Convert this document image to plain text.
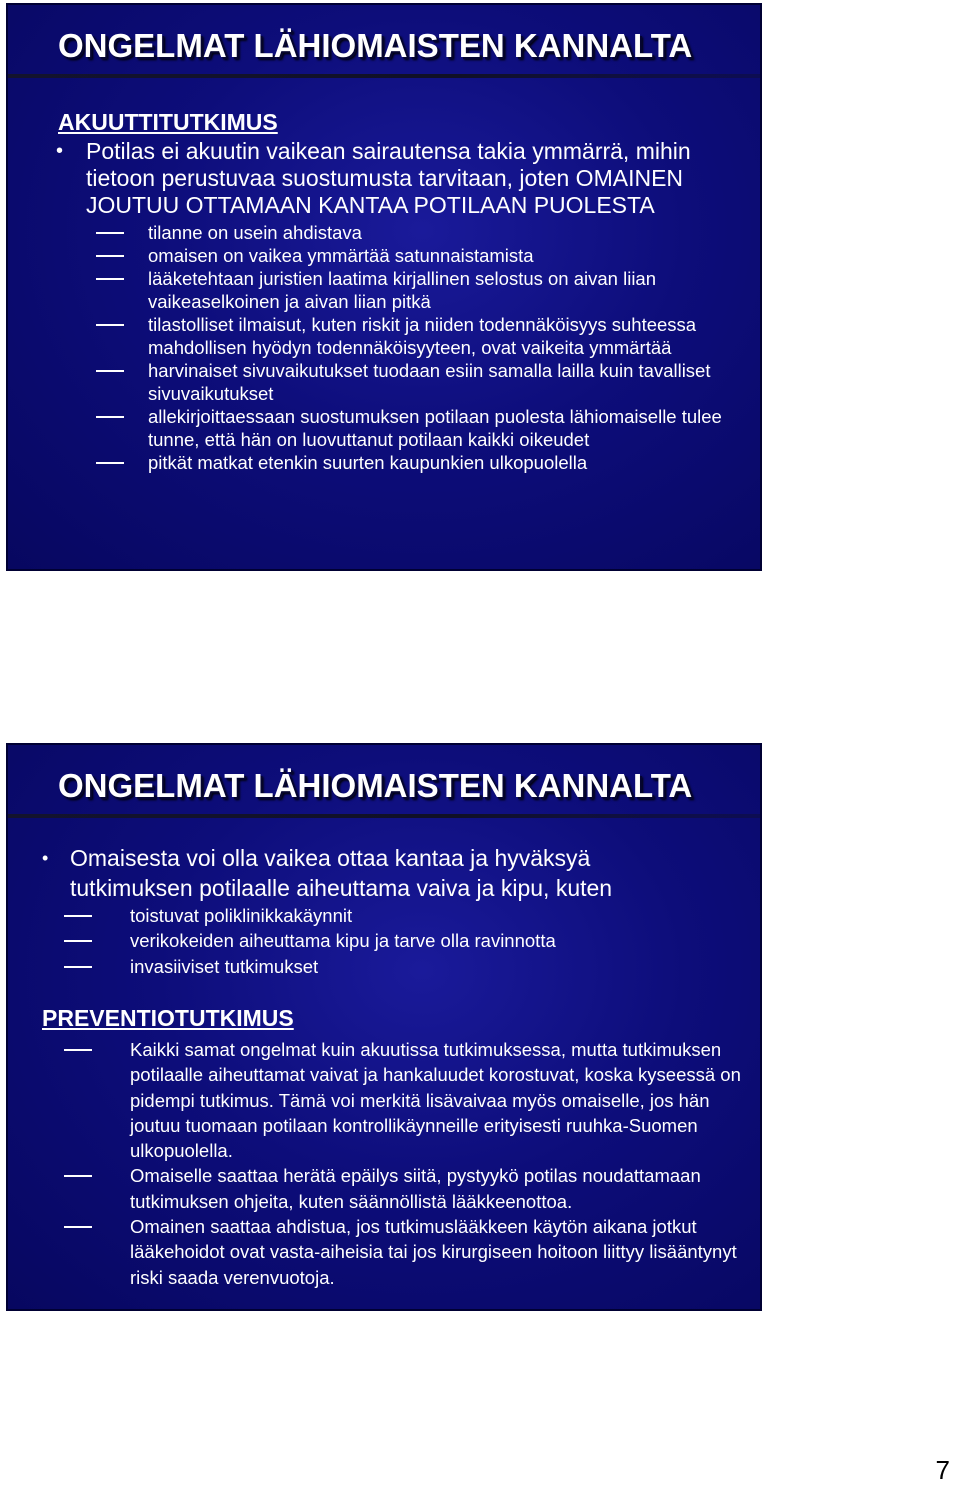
ONGELMAT LÄHIOMAISTEN KANNALTA
AKUUTTITUTKIMUS
• Potilas ei akuutin vaikean sairautensa takia ymmärrä, mihin tietoon perustuvaa suostumusta tarvitaan, joten OMAINEN JOUTUU OTTAMAAN KANTAA POTILAAN PUOLESTA
tilanne on usein ahdistava
omaisen on vaikea ymmärtää satunnaistamista
lääketehtaan juristien laatima kirjallinen selostus on aivan liian vaikeaselkoinen ja aivan liian pitkä
tilastolliset ilmaisut, kuten riskit ja niiden todennäköisyys suhteessa mahdollisen hyödyn todennäköisyyteen, ovat vaikeita ymmärtää
harvinaiset sivuvaikutukset tuodaan esiin samalla lailla kuin tavalliset sivuvaikutukset
allekirjoittaessaan suostumuksen potilaan puolesta lähiomaiselle tulee tunne, että hän on luovuttanut potilaan kaikki oikeudet
pitkät matkat etenkin suurten kaupunkien ulkopuolella
ONGELMAT LÄHIOMAISTEN KANNALTA
• Omaisesta voi olla vaikea ottaa kantaa ja hyväksyä tutkimuksen potilaalle aiheuttama vaiva ja kipu, kuten
toistuvat poliklinikkakäynnit
verikokeiden aiheuttama kipu ja tarve olla ravinnotta
invasiiviset tutkimukset
PREVENTIOTUTKIMUS
Kaikki samat ongelmat kuin akuutissa tutkimuksessa, mutta tutkimuksen potilaalle aiheuttamat vaivat ja hankaluudet korostuvat, koska kyseessä on pidempi tutkimus. Tämä voi merkitä lisävaivaa myös omaiselle, jos hän joutuu tuomaan potilaan kontrollikäynneille erityisesti ruuhka-Suomen ulkopuolella.
Omaiselle saattaa herätä epäilys siitä, pystyykö potilas noudattamaan tutkimuksen ohjeita, kuten säännöllistä lääkkeenottoa.
Omainen saattaa ahdistua, jos tutkimuslääkkeen käytön aikana jotkut lääkehoidot ovat vasta-aiheisia tai jos kirurgiseen hoitoon liittyy lisääntynyt riski saada verenvuotoja.
7
